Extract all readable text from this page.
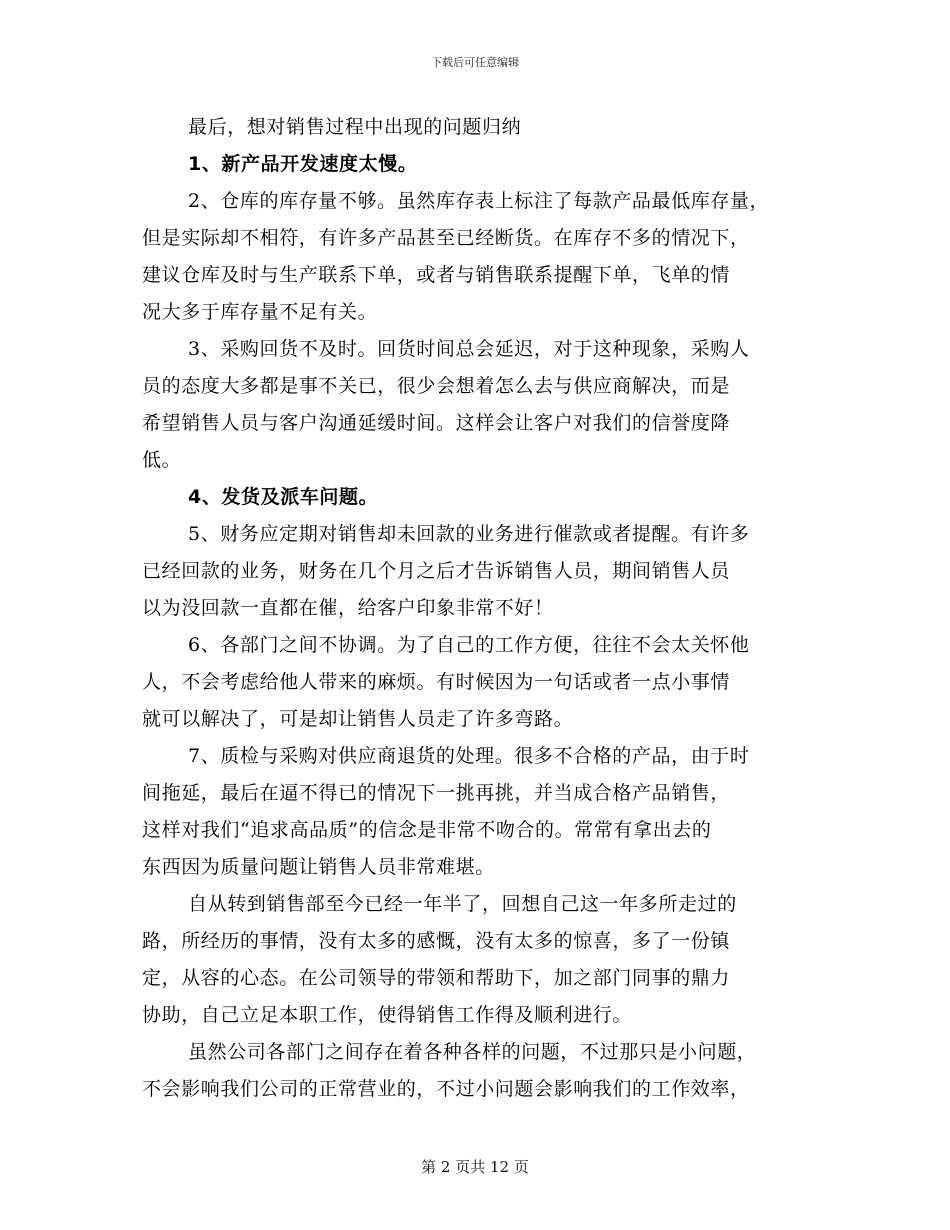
下载后可任意编辑
最后，想对销售过程中出现的问题归纳
1、新产品开发速度太慢。
2、仓库的库存量不够。虽然库存表上标注了每款产品最低库存量，
但是实际却不相符，有许多产品甚至已经断货。在库存不多的情况下，
建议仓库及时与生产联系下单，或者与销售联系提醒下单，飞单的情
况大多于库存量不足有关。
3、采购回货不及时。回货时间总会延迟，对于这种现象，采购人
员的态度大多都是事不关已，很少会想着怎么去与供应商解决，而是
希望销售人员与客户沟通延缓时间。这样会让客户对我们的信誉度降
低。
4、发货及派车问题。
5、财务应定期对销售却未回款的业务进行催款或者提醒。有许多
已经回款的业务，财务在几个月之后才告诉销售人员，期间销售人员
以为没回款一直都在催，给客户印象非常不好！
6、各部门之间不协调。为了自己的工作方便，往往不会太关怀他
人，不会考虑给他人带来的麻烦。有时候因为一句话或者一点小事情
就可以解决了，可是却让销售人员走了许多弯路。
7、质检与采购对供应商退货的处理。很多不合格的产品，由于时
间拖延，最后在逼不得已的情况下一挑再挑，并当成合格产品销售，
这样对我们“追求高品质”的信念是非常不吻合的。常常有拿出去的
东西因为质量问题让销售人员非常难堪。
自从转到销售部至今已经一年半了，回想自己这一年多所走过的
路，所经历的事情，没有太多的感慨，没有太多的惊喜，多了一份镇
定，从容的心态。在公司领导的带领和帮助下，加之部门同事的鼎力
协助，自己立足本职工作，使得销售工作得及顺利进行。
虽然公司各部门之间存在着各种各样的问题，不过那只是小问题，
不会影响我们公司的正常营业的，不过小问题会影响我们的工作效率，
第 2 页共 12 页
